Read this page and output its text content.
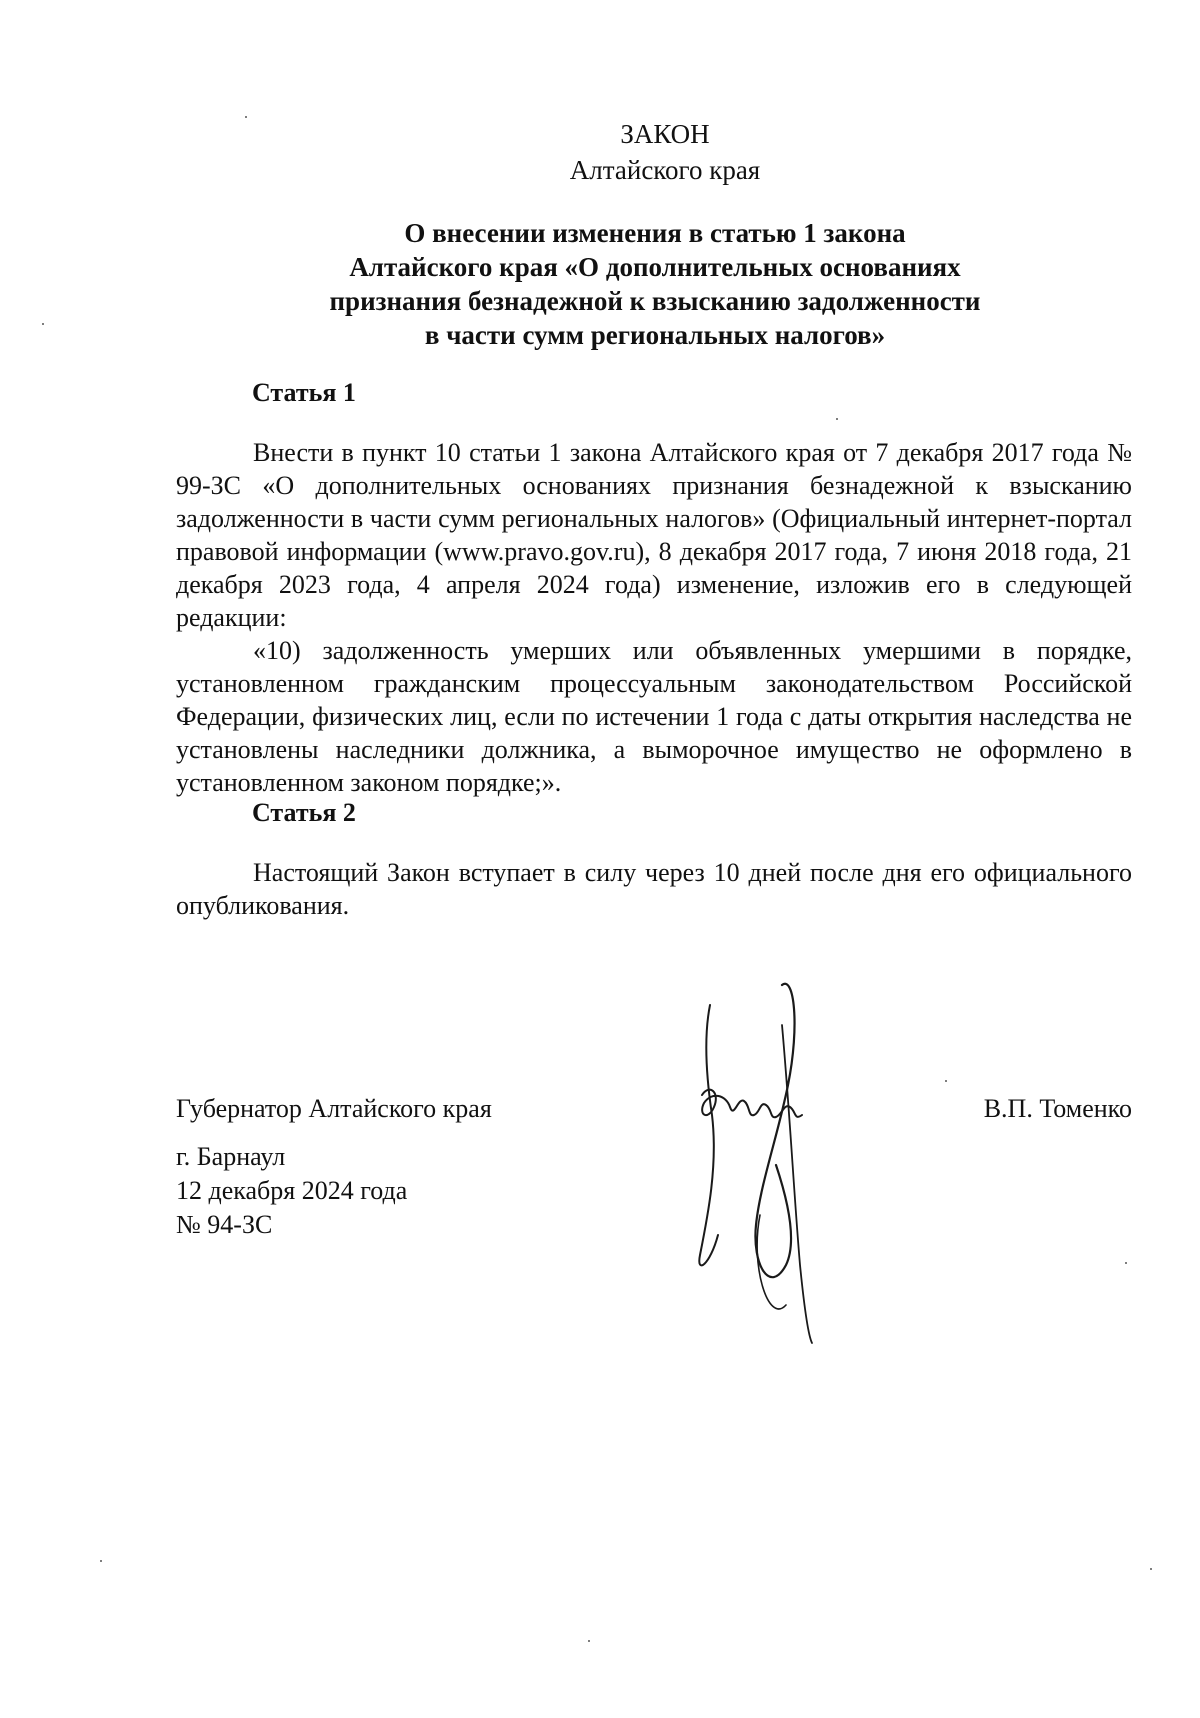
ЗАКОН
Алтайского края
О внесении изменения в статью 1 закона
Алтайского края «О дополнительных основаниях
признания безнадежной к взысканию задолженности
в части сумм региональных налогов»
Статья 1

Внести в пункт 10 статьи 1 закона Алтайского края от 7 декабря 2017 года № 99-ЗС «О дополнительных основаниях признания безнадежной к взысканию задолженности в части сумм региональных налогов» (Официальный интернет-портал правовой информации (www.pravo.gov.ru), 8 декабря 2017 года, 7 июня 2018 года, 21 декабря 2023 года, 4 апреля 2024 года) изменение, изложив его в следующей редакции:

«10) задолженность умерших или объявленных умершими в порядке, установленном гражданским процессуальным законодательством Российской Федерации, физических лиц, если по истечении 1 года с даты открытия наследства не установлены наследники должника, а выморочное имущество не оформлено в установленном законом порядке;».

Статья 2

Настоящий Закон вступает в силу через 10 дней после дня его официального опубликования.

Губернатор Алтайского края	В.П. Томенко
г. Барнаул
12 декабря 2024 года
№ 94-ЗС
